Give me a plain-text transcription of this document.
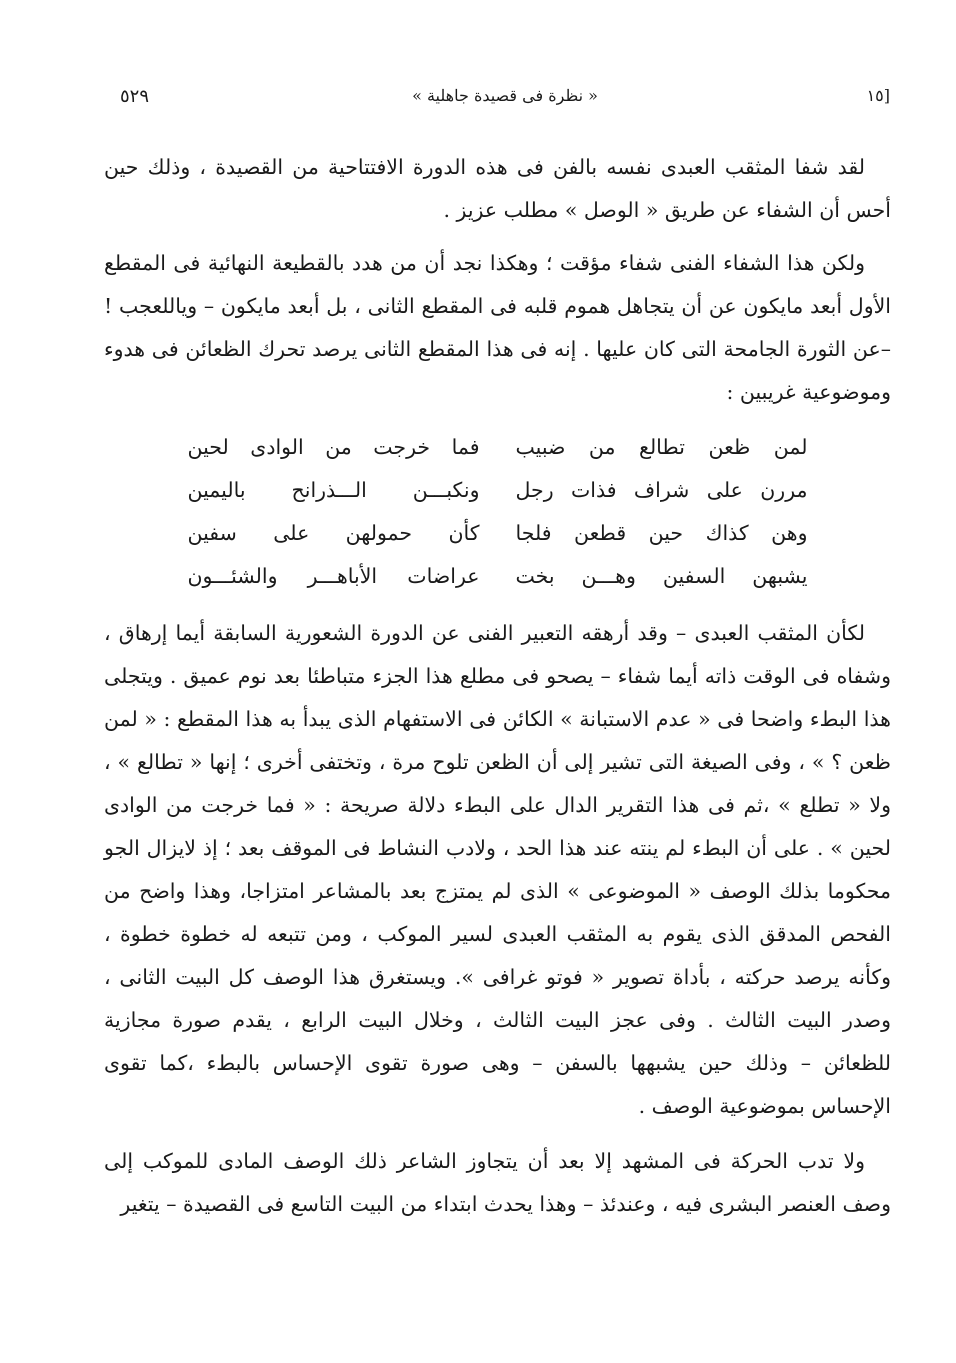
٥٢٩	« نظرة فى قصيدة جاهلية »	[١٥

لقد شفا المثقب العبدى نفسه بالفن فى هذه الدورة الافتتاحية من القصيدة ، وذلك حين أحس أن الشفاء عن طريق « الوصل » مطلب عزيز .

ولكن هذا الشفاء الفنى شفاء مؤقت ؛ وهكذا نجد أن من هدد بالقطيعة النهائية فى المقطع الأول أبعد مايكون عن أن يتجاهل هموم قلبه فى المقطع الثانى ، بل أبعد مايكون – وياللعجب ! –عن الثورة الجامحة التى كان عليها . إنه فى هذا المقطع الثانى يرصد تحرك الظعائن فى هدوء وموضوعية غريبين :

لمن ظعن تطالع من ضبيب
فما خرجت من الوادى لحين
مررن على شراف فذات رجل
ونكبـــن الـــذرانح باليمين
وهن كذاك حين قطعن فلجا
كأن حمولهن على سفين
يشبهن السفين وهـــن بخت
عراضات الأباهـــر والشئـــون

لكأن المثقب العبدى – وقد أرهقه التعبير الفنى عن الدورة الشعورية السابقة أيما إرهاق ، وشفاه فى الوقت ذاته أيما شفاء – يصحو فى مطلع هذا الجزء متباطئا بعد نوم عميق . ويتجلى هذا البطء واضحا فى « عدم الاستبانة » الكائن فى الاستفهام الذى يبدأ به هذا المقطع : « لمن ظعن ؟ » ، وفى الصيغة التى تشير إلى أن الظعن تلوح مرة ، وتختفى أخرى ؛ إنها « تطالع » ، ولا « تطلع » ،ثم فى هذا التقرير الدال على البطء دلالة صريحة : « فما خرجت من الوادى لحين » . على أن البطء لم ينته عند هذا الحد ، ولادب النشاط فى الموقف بعد ؛ إذ لايزال الجو محكوما بذلك الوصف « الموضوعى » الذى لم يمتزج بعد بالمشاعر امتزاجا، وهذا واضح من الفحص المدقق الذى يقوم به المثقب العبدى لسير الموكب ، ومن تتبعه له خطوة خطوة ، وكأنه يرصد حركته ، بأداة تصوير « فوتو غرافى ». ويستغرق هذا الوصف كل البيت الثانى ، وصدر البيت الثالث . وفى عجز البيت الثالث ، وخلال البيت الرابع ، يقدم صورة مجازية للظعائن – وذلك حين يشبهها بالسفن – وهى صورة تقوى الإحساس بالبطء ،كما تقوى الإحساس بموضوعية الوصف .

ولا تدب الحركة فى المشهد إلا بعد أن يتجاوز الشاعر ذلك الوصف المادى للموكب إلى وصف العنصر البشرى فيه ، وعندئذ – وهذا يحدث ابتداء من البيت التاسع فى القصيدة – يتغير
